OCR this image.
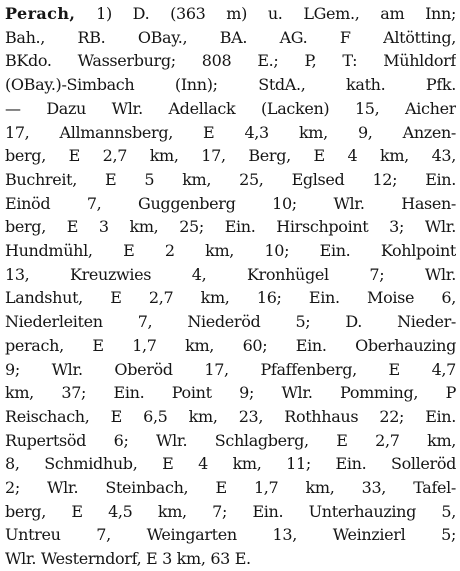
Perach, 1) D. (363 m) u. LGem., am Inn;
Bah., RB. OBay., BA. AG. F Altötting,
BKdo. Wasserburg; 808 E.; P, T: Mühldorf
(OBay.)-Simbach (Inn); StdA., kath. Pfk.
— Dazu Wlr. Adellack (Lacken) 15, Aicher
17, Allmannsberg, E 4,3 km, 9, Anzen-
berg, E 2,7 km, 17, Berg, E 4 km, 43,
Buchreit, E 5 km, 25, Eglsed 12; Ein.
Einöd 7, Guggenberg 10; Wlr. Hasen-
berg, E 3 km, 25; Ein. Hirschpoint 3; Wlr.
Hundmühl, E 2 km, 10; Ein. Kohlpoint
13, Kreuzwies 4, Kronhügel 7; Wlr.
Landshut, E 2,7 km, 16; Ein. Moise 6,
Niederleiten 7, Niederöd 5; D. Nieder-
perach, E 1,7 km, 60; Ein. Oberhauzing
9; Wlr. Oberöd 17, Pfaffenberg, E 4,7
km, 37; Ein. Point 9; Wlr. Pomming, P
Reischach, E 6,5 km, 23, Rothhaus 22; Ein.
Rupertsöd 6; Wlr. Schlagberg, E 2,7 km,
8, Schmidhub, E 4 km, 11; Ein. Solleröd
2; Wlr. Steinbach, E 1,7 km, 33, Tafel-
berg, E 4,5 km, 7; Ein. Unterhauzing 5,
Untreu 7, Weingarten 13, Weinzierl 5;
Wlr. Westerndorf, E 3 km, 63 E.
